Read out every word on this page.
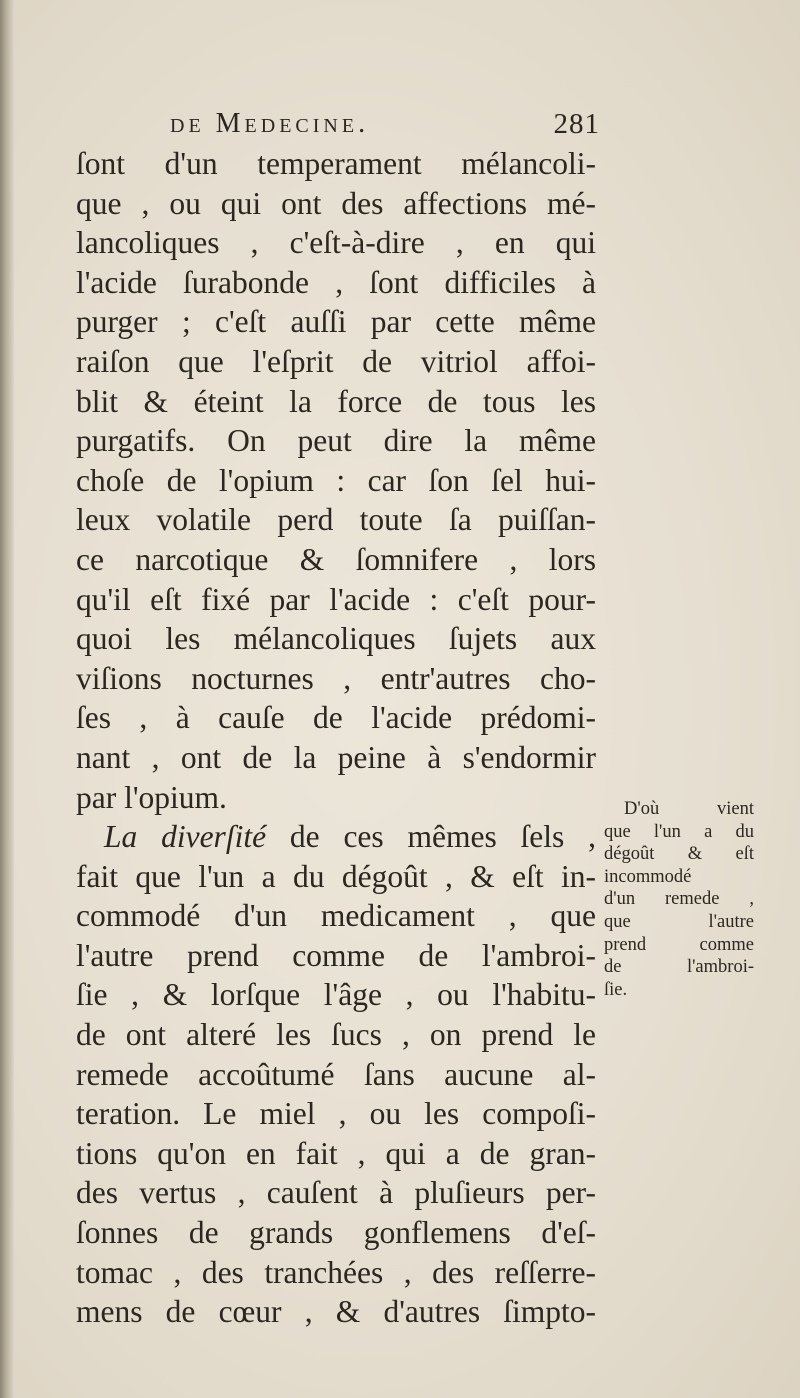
de Medecine.	281
ſont d'un temperament mélancoli-
que , ou qui ont des affections mé-
lancoliques , c'eſt-à-dire , en qui
l'acide ſurabonde , ſont difficiles à
purger ; c'eſt auſſi par cette même
raiſon que l'eſprit de vitriol affoi-
blit & éteint la force de tous les
purgatifs. On peut dire la même
choſe de l'opium : car ſon ſel hui-
leux volatile perd toute ſa puiſſan-
ce narcotique & ſomnifere , lors
qu'il eſt fixé par l'acide : c'eſt pour-
quoi les mélancoliques ſujets aux
viſions nocturnes , entr'autres cho-
ſes , à cauſe de l'acide prédomi-
nant , ont de la peine à s'endormir
par l'opium.
La diverſité de ces mêmes ſels ,
fait que l'un a du dégoût , & eſt in-
commodé d'un medicament , que
l'autre prend comme de l'ambroi-
ſie , & lorſque l'âge , ou l'habitu-
de ont alteré les ſucs , on prend le
remede accoûtumé ſans aucune al-
teration. Le miel , ou les compoſi-
tions qu'on en fait , qui a de gran-
des vertus , cauſent à pluſieurs per-
ſonnes de grands gonflemens d'eſ-
tomac , des tranchées , des reſſerre-
mens de cœur , & d'autres ſimpto-
D'où vient
que l'un a du
dégoût & eſt
incommodé
d'un remede ,
que l'autre
prend comme
de l'ambroi-
ſie.
